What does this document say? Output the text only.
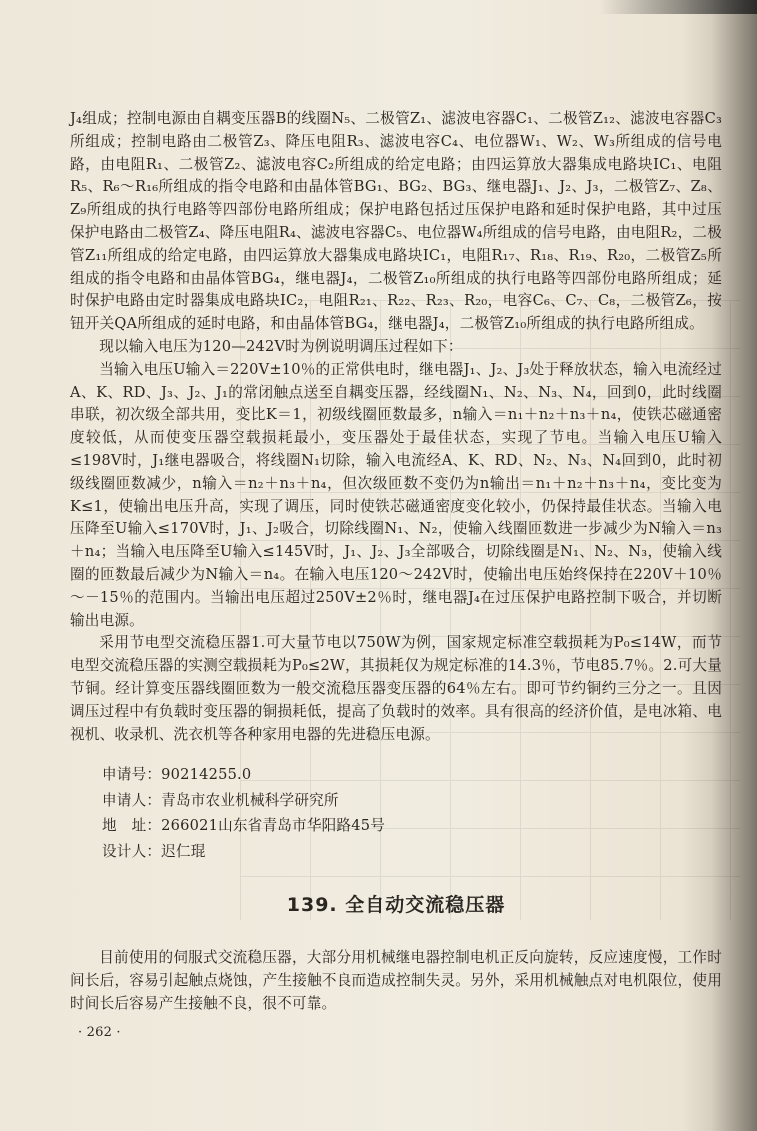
J₄组成；控制电源由自耦变压器B的线圈N₅、二极管Z₁、滤波电容器C₁、二极管Z₁₂、滤波电容器C₃所组成；控制电路由二极管Z₃、降压电阻R₃、滤波电容C₄、电位器W₁、W₂、W₃所组成的信号电路，由电阻R₁、二极管Z₂、滤波电容C₂所组成的给定电路；由四运算放大器集成电路块IC₁、电阻R₅、R₆～R₁₆所组成的指令电路和由晶体管BG₁、BG₂、BG₃、继电器J₁、J₂、J₃，二极管Z₇、Z₈、Z₉所组成的执行电路等四部份电路所组成；保护电路包括过压保护电路和延时保护电路，其中过压保护电路由二极管Z₄、降压电阻R₄、滤波电容器C₅、电位器W₄所组成的信号电路，由电阻R₂，二极管Z₁₁所组成的给定电路，由四运算放大器集成电路块IC₁，电阻R₁₇、R₁₈、R₁₉、R₂₀，二极管Z₅所组成的指令电路和由晶体管BG₄，继电器J₄，二极管Z₁₀所组成的执行电路等四部份电路所组成；延时保护电路由定时器集成电路块IC₂，电阻R₂₁、R₂₂、R₂₃、R₂₀，电容C₆、C₇、C₈，二极管Z₆，按钮开关QA所组成的延时电路，和由晶体管BG₄，继电器J₄，二极管Z₁₀所组成的执行电路所组成。

现以输入电压为120—242V时为例说明调压过程如下：

当输入电压U输入＝220V±10％的正常供电时，继电器J₁、J₂、J₃处于释放状态，输入电流经过A、K、RD、J₃、J₂、J₁的常闭触点送至自耦变压器，经线圈N₁、N₂、N₃、N₄，回到0，此时线圈串联，初次级全部共用，变比K＝1，初级线圈匝数最多，n输入＝n₁＋n₂＋n₃＋n₄，使铁芯磁通密度较低，从而使变压器空载损耗最小，变压器处于最佳状态，实现了节电。当输入电压U输入≤198V时，J₁继电器吸合，将线圈N₁切除，输入电流经A、K、RD、N₂、N₃、N₄回到0，此时初级线圈匝数减少，n输入＝n₂＋n₃＋n₄，但次级匝数不变仍为n输出＝n₁＋n₂＋n₃＋n₄，变比变为K≤1，使输出电压升高，实现了调压，同时使铁芯磁通密度变化较小，仍保持最佳状态。当输入电压降至U输入≤170V时，J₁、J₂吸合，切除线圈N₁、N₂，使输入线圈匝数进一步减少为N输入＝n₃＋n₄；当输入电压降至U输入≤145V时，J₁、J₂、J₃全部吸合，切除线圈是N₁、N₂、N₃，使输入线圈的匝数最后减少为N输入＝n₄。在输入电压120～242V时，使输出电压始终保持在220V＋10％～－15％的范围内。当输出电压超过250V±2％时，继电器J₄在过压保护电路控制下吸合，并切断输出电源。

采用节电型交流稳压器1.可大量节电以750W为例，国家规定标准空载损耗为P₀≤14W，而节电型交流稳压器的实测空载损耗为P₀≤2W，其损耗仅为规定标准的14.3％，节电85.7％。2.可大量节铜。经计算变压器线圈匝数为一般交流稳压器变压器的64％左右。即可节约铜约三分之一。且因调压过程中有负载时变压器的铜损耗低，提高了负载时的效率。具有很高的经济价值，是电冰箱、电视机、收录机、洗衣机等各种家用电器的先进稳压电源。

申请号：90214255.0
申请人：青岛市农业机械科学研究所
地　址：266021山东省青岛市华阳路45号
设计人：迟仁琨
139. 全自动交流稳压器

目前使用的伺服式交流稳压器，大部分用机械继电器控制电机正反向旋转，反应速度慢，工作时间长后，容易引起触点烧蚀，产生接触不良而造成控制失灵。另外，采用机械触点对电机限位，使用时间长后容易产生接触不良，很不可靠。

· 262 ·
